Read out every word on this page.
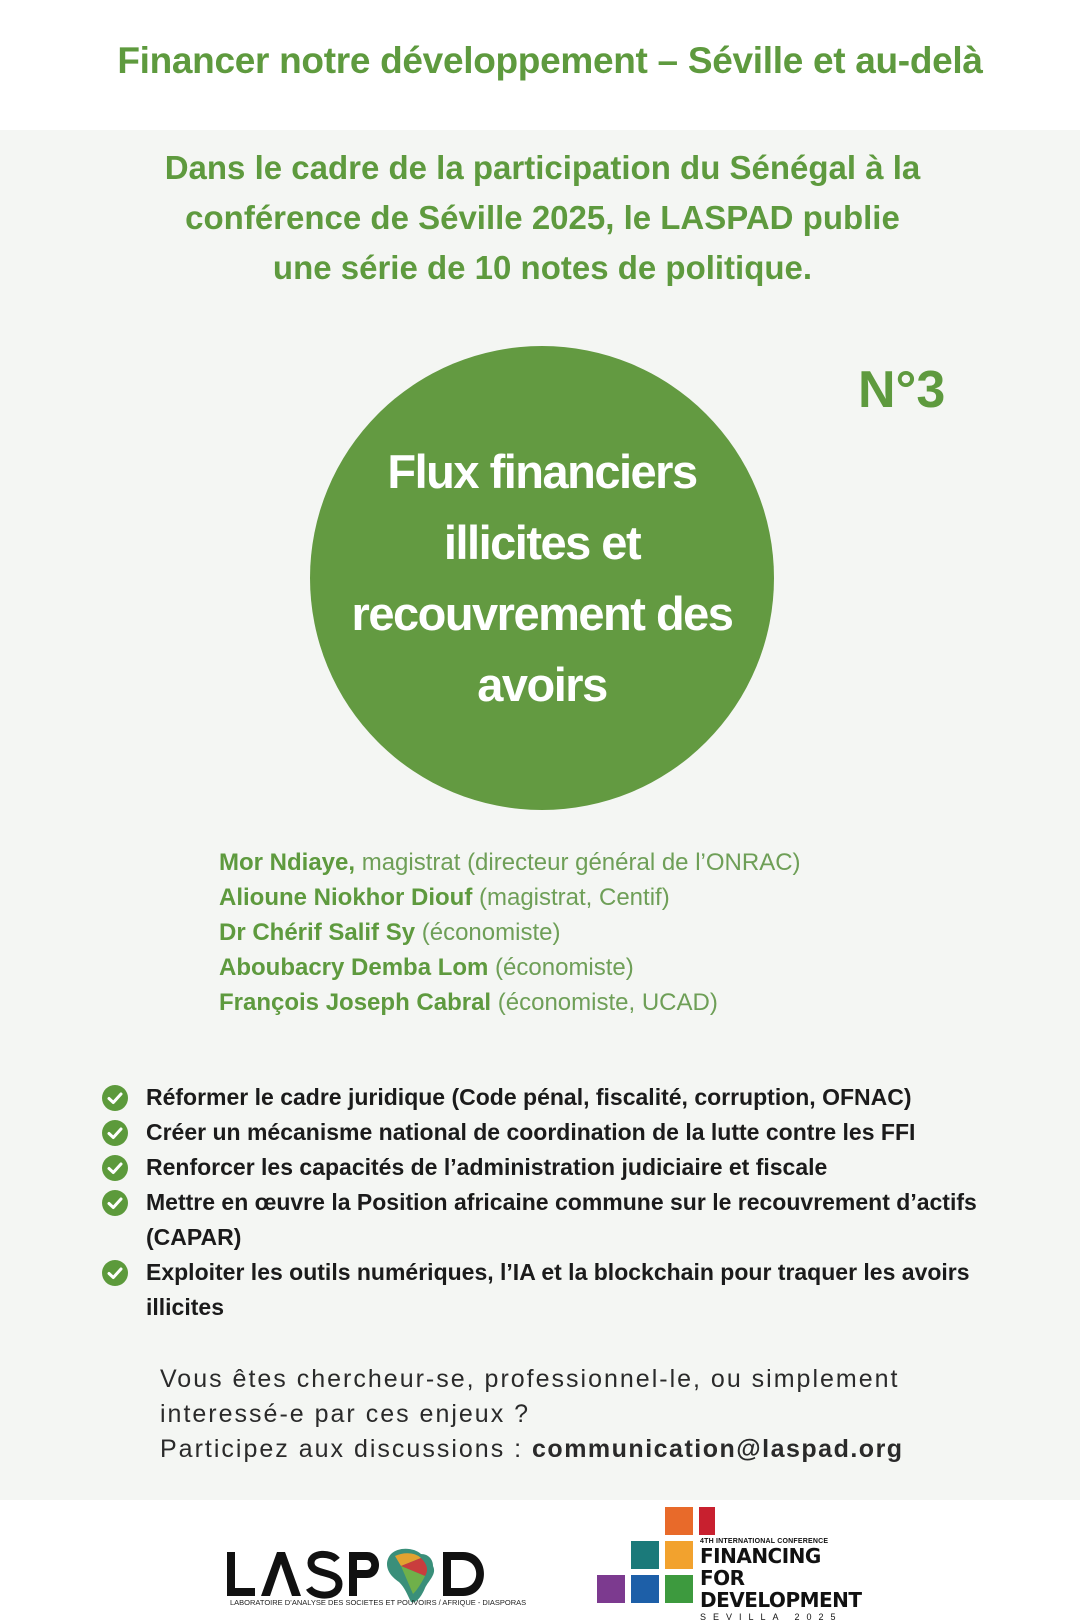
Financer notre développement – Séville et au-delà
Dans le cadre de la participation du Sénégal à la
conférence de Séville 2025, le LASPAD publie
une série de 10 notes de politique.
N°3
Flux financiers
illicites et
recouvrement des
avoirs
Mor Ndiaye, magistrat (directeur général de l’ONRAC)
Alioune Niokhor Diouf (magistrat, Centif)
Dr Chérif Salif Sy (économiste)
Aboubacry Demba Lom (économiste)
François Joseph Cabral (économiste, UCAD)
Réformer le cadre juridique (Code pénal, fiscalité, corruption, OFNAC)
Créer un mécanisme national de coordination de la lutte contre les FFI
Renforcer les capacités de l’administration judiciaire et fiscale
Mettre en œuvre la Position africaine commune sur le recouvrement d’actifs (CAPAR)
Exploiter les outils numériques, l’IA et la blockchain pour traquer les avoirs illicites
Vous êtes chercheur-se, professionnel-le, ou simplement
interessé-e par ces enjeux ?
Participez aux discussions : communication@laspad.org
LABORATOIRE D’ANALYSE DES SOCIETES ET POUVOIRS / AFRIQUE - DIASPORAS
4TH INTERNATIONAL CONFERENCE
FINANCING FOR
DEVELOPMENT
SEVILLA 2025
